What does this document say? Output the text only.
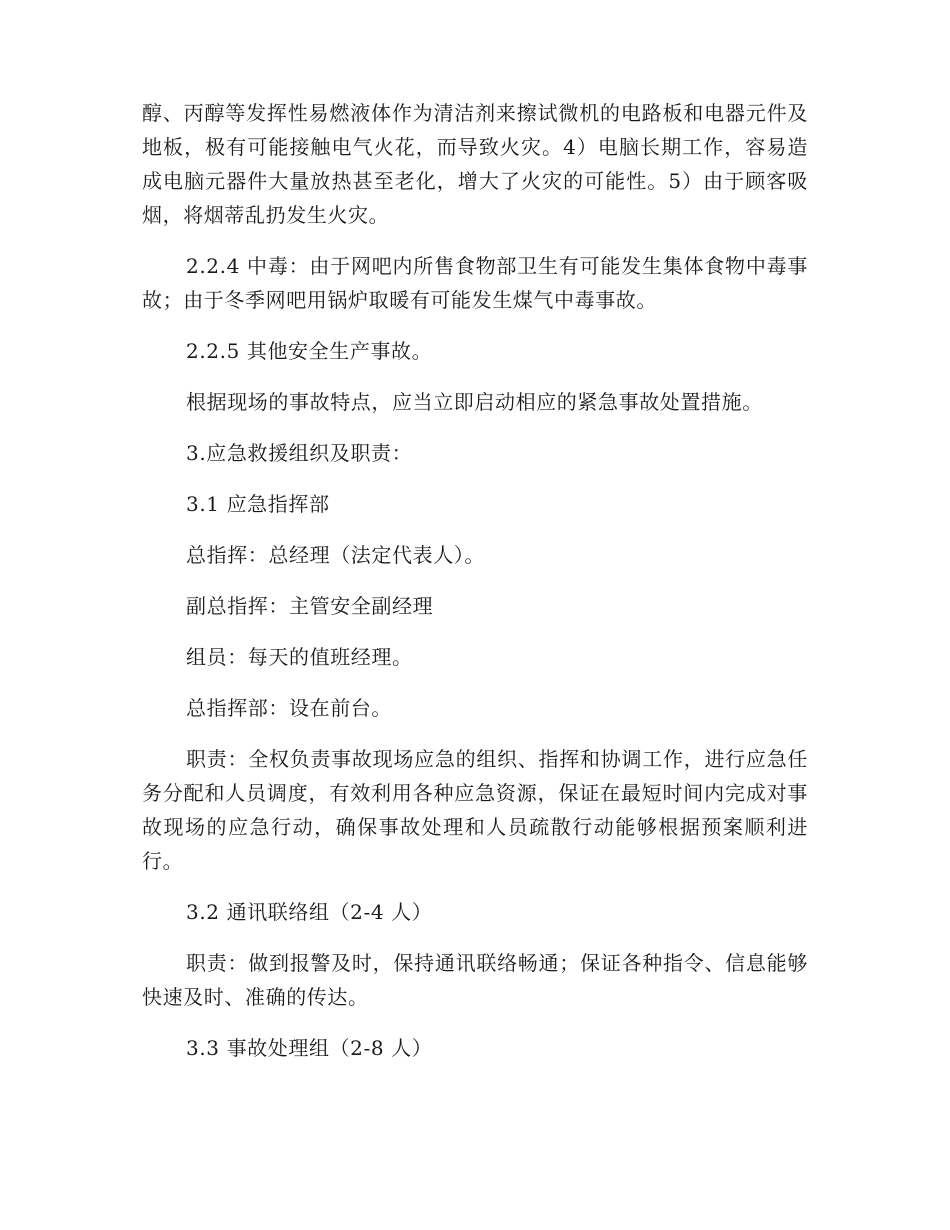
醇、丙醇等发挥性易燃液体作为清洁剂来擦试微机的电路板和电器元件及地板，极有可能接触电气火花，而导致火灾。4）电脑长期工作，容易造成电脑元器件大量放热甚至老化，增大了火灾的可能性。5）由于顾客吸烟，将烟蒂乱扔发生火灾。

2.2.4 中毒：由于网吧内所售食物部卫生有可能发生集体食物中毒事故；由于冬季网吧用锅炉取暖有可能发生煤气中毒事故。

2.2.5 其他安全生产事故。

根据现场的事故特点，应当立即启动相应的紧急事故处置措施。

3.应急救援组织及职责：

3.1 应急指挥部

总指挥：总经理（法定代表人）。

副总指挥：主管安全副经理

组员：每天的值班经理。

总指挥部：设在前台。

职责：全权负责事故现场应急的组织、指挥和协调工作，进行应急任务分配和人员调度，有效利用各种应急资源，保证在最短时间内完成对事故现场的应急行动，确保事故处理和人员疏散行动能够根据预案顺利进行。

3.2 通讯联络组（2-4 人）

职责：做到报警及时，保持通讯联络畅通；保证各种指令、信息能够快速及时、准确的传达。

3.3 事故处理组（2-8 人）
